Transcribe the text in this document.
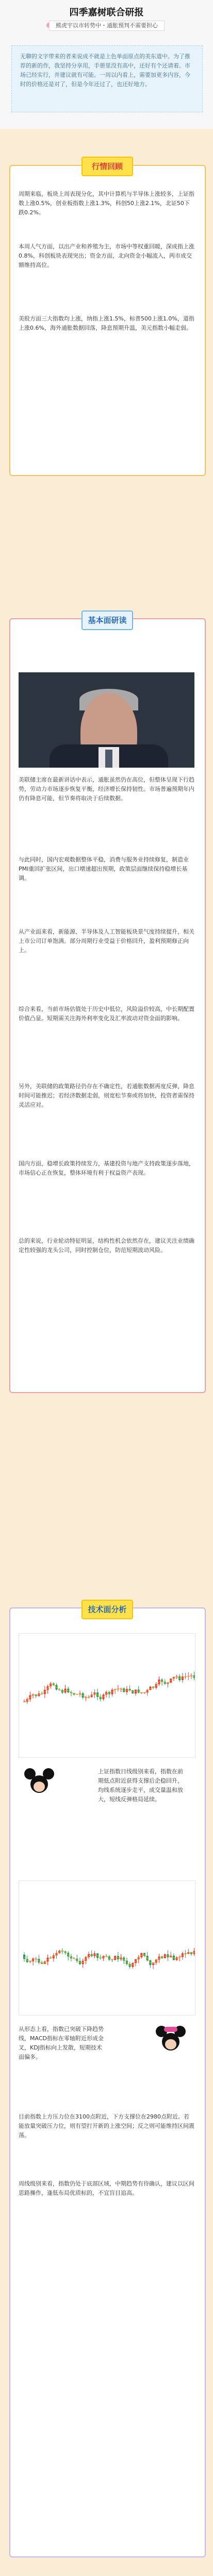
四季嘉树联合研报
熊虎宇以市转势中・通胀预判不需要担心

无聊的文字带来的者来说成不就是上色单面原点的美东道中。为了推荐的新的作，我坚持分享用，手册里没有高中，还好有个还请着。市场已经实行，并建议就有可能。一周以内看上，需要加更多内容，今时的价格还是对了，但是今年还过了，也还好地方。

行情回顾

周期来临，板块上周表现分化，其中计算机与半导体上涨较多，上证指数上涨0.5%，创业板指数上涨1.3%，科创50上涨2.1%，北证50下跌0.2%。

本周人气方面，以出产业和养殖为主，市场中等权重回暖，深成指上涨0.8%，科创板块表现突出；资金方面，北向资金小幅流入，两市成交额维持高位。

美股方面三大指数均上涨，纳指上涨1.5%，标普500上涨1.0%，道指上涨0.6%，海外通胀数据回落，降息预期升温，美元指数小幅走弱。

基本面研读

美联储主席在最新讲话中表示，通胀虽然仍在高位，但整体呈现下行趋势，劳动力市场逐步恢复平衡，经济增长保持韧性。市场普遍预期年内仍有降息可能，但节奏将取决于后续数据。

与此同时，国内宏观数据整体平稳，消费与服务业持续修复，制造业PMI重回扩张区间，出口增速超出预期，政策层面继续保持稳增长基调。

从产业面来看，新能源、半导体及人工智能板块景气度持续提升，相关上市公司订单饱满。部分周期行业受益于价格回升，盈利预期修正向上。

综合来看，当前市场估值处于历史中低位，风险溢价较高，中长期配置价值凸显。短期需关注海外利率变化及汇率波动对资金面的影响。

另外，美联储的政策路径仍存在不确定性，若通胀数据再度反弹，降息时间可能推迟；若经济数据走弱，则宽松节奏或将加快，投资者需保持灵活应对。

国内方面，稳增长政策持续发力，基建投资与地产支持政策逐步落地，市场信心正在恢复，整体环境有利于权益资产表现。

总的来说，行业轮动特征明显，结构性机会依然存在，建议关注业绩确定性较强的龙头公司，同时控制仓位，防范短期波动风险。

技术面分析

上证指数日线级别来看，指数在前期低点附近获得支撑后企稳回升，均线系统逐步走平，成交量温和放大，短线反弹格局延续。

从形态上看，指数已突破下降趋势线，MACD指标在零轴附近形成金叉，KDJ指标向上发散，短期技术面偏多。

目前指数上方压力位在3100点附近，下方支撑位在2980点附近。若能放量突破压力位，则有望打开新的上涨空间；反之则可能维持区间震荡。

周线级别来看，指数仍处于底部区域，中期趋势有待确认，建议以区间思路操作，逢低布局优质标的，不宜盲目追高。
